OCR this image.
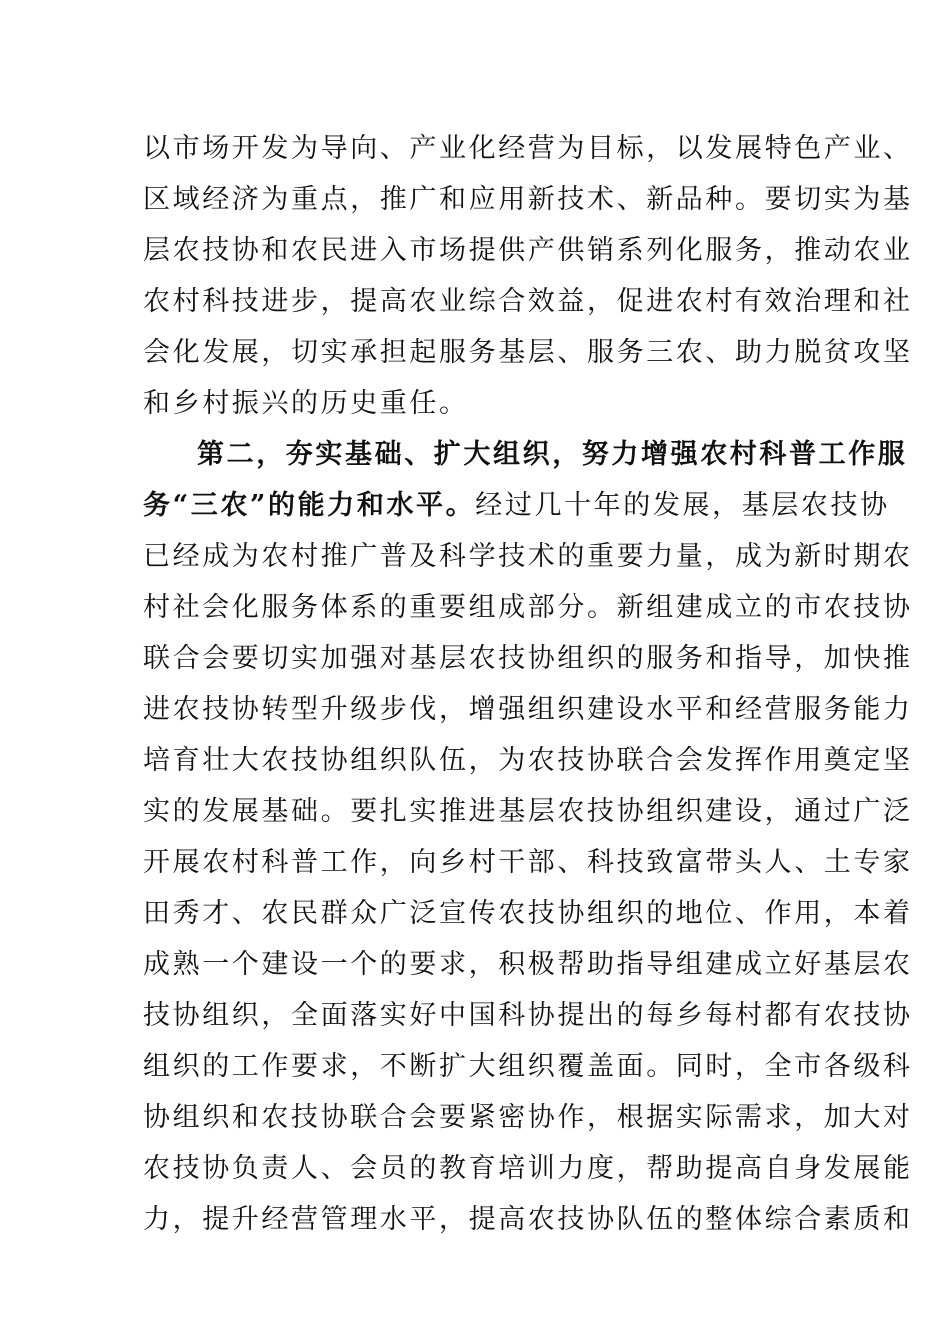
以市场开发为导向、产业化经营为目标，以发展特色产业、
区域经济为重点，推广和应用新技术、新品种。要切实为基
层农技协和农民进入市场提供产供销系列化服务，推动农业
农村科技进步，提高农业综合效益，促进农村有效治理和社
会化发展，切实承担起服务基层、服务三农、助力脱贫攻坚
和乡村振兴的历史重任。
第二，夯实基础、扩大组织，努力增强农村科普工作服
务“三农”的能力和水平。经过几十年的发展，基层农技协
已经成为农村推广普及科学技术的重要力量，成为新时期农
村社会化服务体系的重要组成部分。新组建成立的市农技协
联合会要切实加强对基层农技协组织的服务和指导，加快推
进农技协转型升级步伐，增强组织建设水平和经营服务能力
培育壮大农技协组织队伍，为农技协联合会发挥作用奠定坚
实的发展基础。要扎实推进基层农技协组织建设，通过广泛
开展农村科普工作，向乡村干部、科技致富带头人、土专家
田秀才、农民群众广泛宣传农技协组织的地位、作用，本着
成熟一个建设一个的要求，积极帮助指导组建成立好基层农
技协组织，全面落实好中国科协提出的每乡每村都有农技协
组织的工作要求，不断扩大组织覆盖面。同时，全市各级科
协组织和农技协联合会要紧密协作，根据实际需求，加大对
农技协负责人、会员的教育培训力度，帮助提高自身发展能
力，提升经营管理水平，提高农技协队伍的整体综合素质和
